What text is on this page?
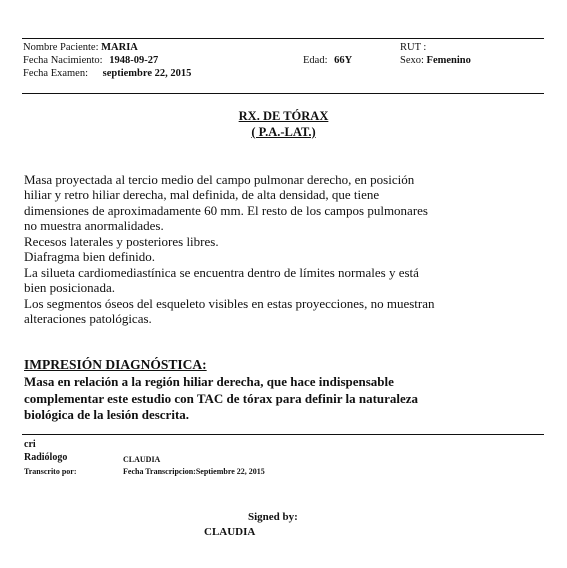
Nombre Paciente: MARIA
Fecha Nacimiento: 1948-09-27
Fecha Examen: septiembre 22, 2015
Edad: 66Y
RUT :
Sexo: Femenino
RX. DE TÓRAX
( P.A.-LAT.)
Masa proyectada al tercio medio del campo pulmonar derecho, en posición
hiliar y retro hiliar derecha, mal definida, de alta densidad, que tiene
dimensiones de aproximadamente 60 mm. El resto de los campos pulmonares
no muestra anormalidades.
Recesos laterales y posteriores libres.
Diafragma bien definido.
La silueta cardiomediastínica se encuentra dentro de límites normales y está
bien posicionada.
Los segmentos óseos del esqueleto visibles en estas proyecciones, no muestran
alteraciones patológicas.
IMPRESIÓN DIAGNÓSTICA:
Masa en relación a la región hiliar derecha, que hace indispensable
complementar este estudio con TAC de tórax para definir la naturaleza
biológica de la lesión descrita.
cri
Radiólogo	CLAUDIA
Transcrito por:	Fecha Transcripcion:Septiembre 22, 2015
Signed by:
CLAUDIA
